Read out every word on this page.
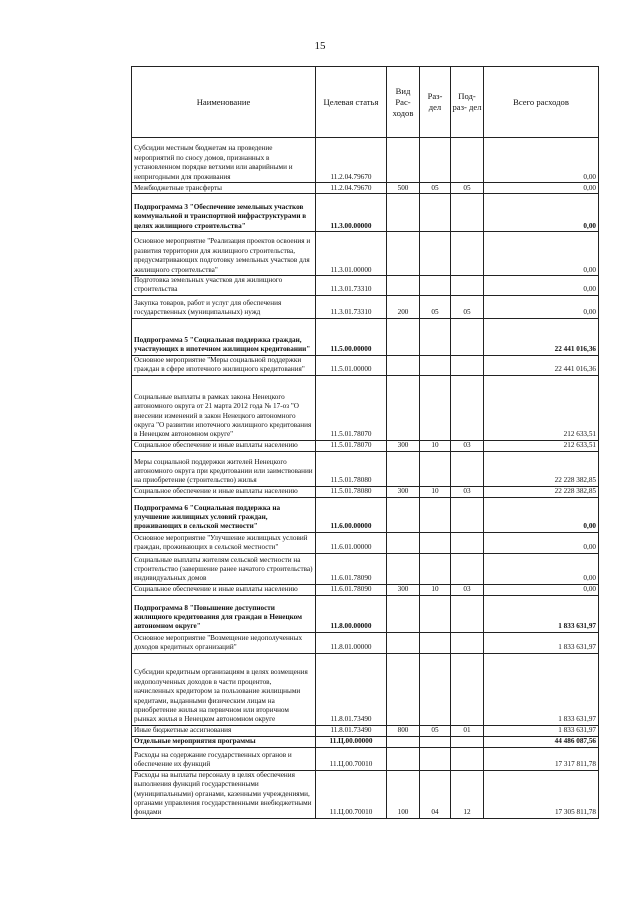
15
Наименование	Целевая статья	Вид Рас- ходов	Раз- дел	Под- раз- дел	Всего расходов
Субсидии местным бюджетам на проведение мероприятий по сносу домов, признанных в установленном порядке ветхими или аварийными и непригодными для проживания	11.2.04.79670				0,00
Межбюджетные трансферты	11.2.04.79670	500	05	05	0,00
Подпрограмма 3 "Обеспечение земельных участков коммунальной и транспортной инфраструктурами в целях жилищного строительства"	11.3.00.00000				0,00
Основное мероприятие "Реализация проектов освоения и развития территории для жилищного строительства, предусматривающих подготовку земельных участков для жилищного строительства"	11.3.01.00000				0,00
Подготовка земельных участков для жилищного строительства	11.3.01.73310				0,00
Закупка товаров, работ и услуг для обеспечения государственных (муниципальных) нужд	11.3.01.73310	200	05	05	0,00
Подпрограмма 5 "Социальная поддержка граждан, участвующих в ипотечном жилищном кредитовании"	11.5.00.00000				22 441 016,36
Основное мероприятие "Меры социальной поддержки граждан в сфере ипотечного жилищного кредитования"	11.5.01.00000				22 441 016,36
Социальные выплаты в рамках закона Ненецкого автономного округа от 21 марта 2012 года № 17-оз "О внесении изменений в закон Ненецкого автономного округа "О развитии ипотечного жилищного кредитования в Ненецком автономном округе"	11.5.01.78070				212 633,51
Социальное обеспечение и иные выплаты населению	11.5.01.78070	300	10	03	212 633,51
Меры социальной поддержки жителей Ненецкого автономного округа при кредитовании или заимствовании на приобретение (строительство) жилья	11.5.01.78080				22 228 382,85
Социальное обеспечение и иные выплаты населению	11.5.01.78080	300	10	03	22 228 382,85
Подпрограмма 6 "Социальная поддержка на улучшение жилищных условий граждан, проживающих в сельской местности"	11.6.00.00000				0,00
Основное мероприятие "Улучшение жилищных условий граждан, проживающих в сельской местности"	11.6.01.00000				0,00
Социальные выплаты жителям сельской местности на строительство (завершение ранее начатого строительства) индивидуальных домов	11.6.01.78090				0,00
Социальное обеспечение и иные выплаты населению	11.6.01.78090	300	10	03	0,00
Подпрограмма 8 "Повышение доступности жилищного кредитования для граждан в Ненецком автономном округе"	11.8.00.00000				1 833 631,97
Основное мероприятие "Возмещение недополученных доходов кредитных организаций"	11.8.01.00000				1 833 631,97
Субсидии кредитным организациям в целях возмещения недополученных доходов в части процентов, начисленных кредитором за пользование жилищными кредитами, выданными физическим лицам на приобретение жилья на первичном или вторичном рынках жилья в Ненецком автономном округе	11.8.01.73490				1 833 631,97
Иные бюджетные ассигнования	11.8.01.73490	800	05	01	1 833 631,97
Отдельные мероприятия программы	11.Ц.00.00000				44 486 087,56
Расходы на содержание государственных органов и обеспечение их функций	11.Ц.00.70010				17 317 811,78
Расходы на выплаты персоналу в целях обеспечения выполнения функций государственными (муниципальными) органами, казенными учреждениями, органами управления государственными внебюджетными фондами	11.Ц.00.70010	100	04	12	17 305 811,78
